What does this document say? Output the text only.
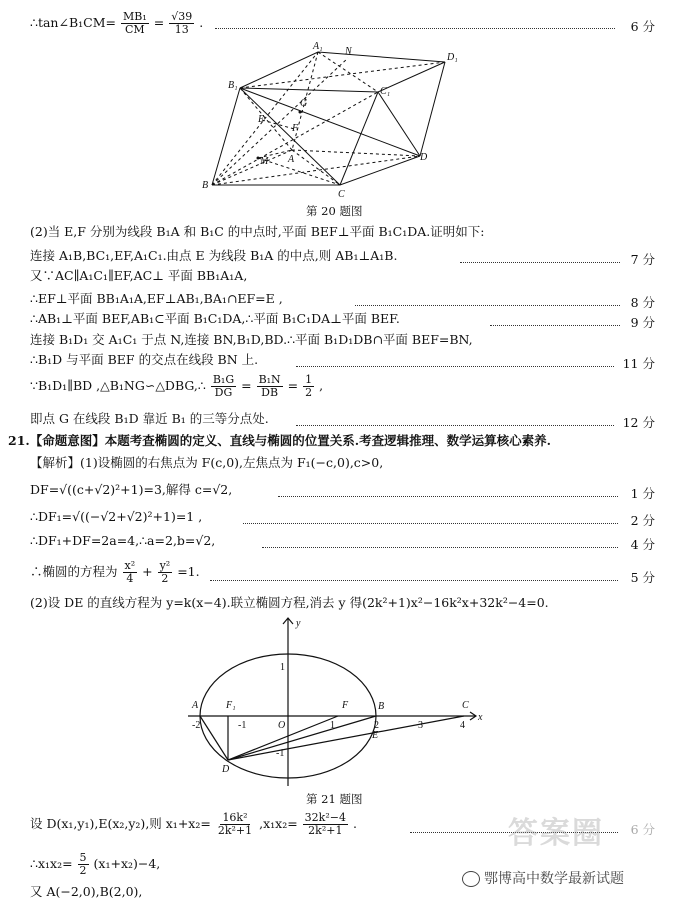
∴tan∠B₁CM= $\frac{\text{MB₁}}{CM} = \frac{√39}{13}$ .	6 分
A₁ N
D₁
B₁
C₁
G
E
F
M A	D
B
C
第 20 题图
(2)当 E,F 分别为线段 B₁A 和 B₁C 的中点时,平面 BEF⊥平面 B₁C₁DA.证明如下:
连接 A₁B,BC₁,EF,A₁C₁.由点 E 为线段 B₁A 的中点,则 AB₁⊥A₁B.	7 分
又∵AC∥A₁C₁∥EF,AC⊥ 平面 BB₁A₁A,
∴EF⊥平面 BB₁A₁A,EF⊥AB₁,BA₁∩EF=E ,	8 分
∴AB₁⊥平面 BEF,AB₁⊂平面 B₁C₁DA,∴平面 B₁C₁DA⊥平面 BEF.	9 分
连接 B₁D₁ 交 A₁C₁ 于点 N,连接 BN,B₁D,BD.∴平面 B₁D₁DB∩平面 BEF=BN,
∴B₁D 与平面 BEF 的交点在线段 BN 上.	11 分
∵B₁D₁∥BD ,△B₁NG∽△DBG,∴ $\frac{\text{B₁G}}{DG} = \frac{\text{B₁N}}{DB} = \frac{1}{2}$ ,
即点 G 在线段 B₁D 靠近 B₁ 的三等分点处.	12 分
21.【命题意图】本题考查椭圆的定义、直线与椭圆的位置关系.考查逻辑推理、数学运算核心素养.
【解析】(1)设椭圆的右焦点为 F(c,0),左焦点为 F₁(−c,0),c>0,
DF=√((c+√2)²+1)=3,解得 c=√2,	1 分
∴DF₁=√((−√2+√2)²+1)=1 ,	2 分
∴DF₁+DF=2a=4,∴a=2,b=√2,	4 分
∴椭圆的方程为 $\frac{\text{x²}}{4} + \frac{\text{y²}}{2} =1$.	5 分
(2)设 DE 的直线方程为 y=k(x−4).联立椭圆方程,消去 y 得(2k²+1)x²−16k²x+32k²−4=0.
y
x
1
A	F₁	F	B	C
O
-2	-1	1	2	3	4
E
D
-1
第 21 题图
设 D(x₁,y₁),E(x₂,y₂),则 $x_1+x_2= \frac{\text{16k²}}{\text{2k²+1}} ,x_1x_2= \frac{\text{32k²−4}}{\text{2k²+1}}$ .	6 分
∴x₁x₂= $\frac{5}{2} (x_1+x_2)-4$,
又 A(−2,0),B(2,0),
答案圈
鄂博高中数学最新试题
